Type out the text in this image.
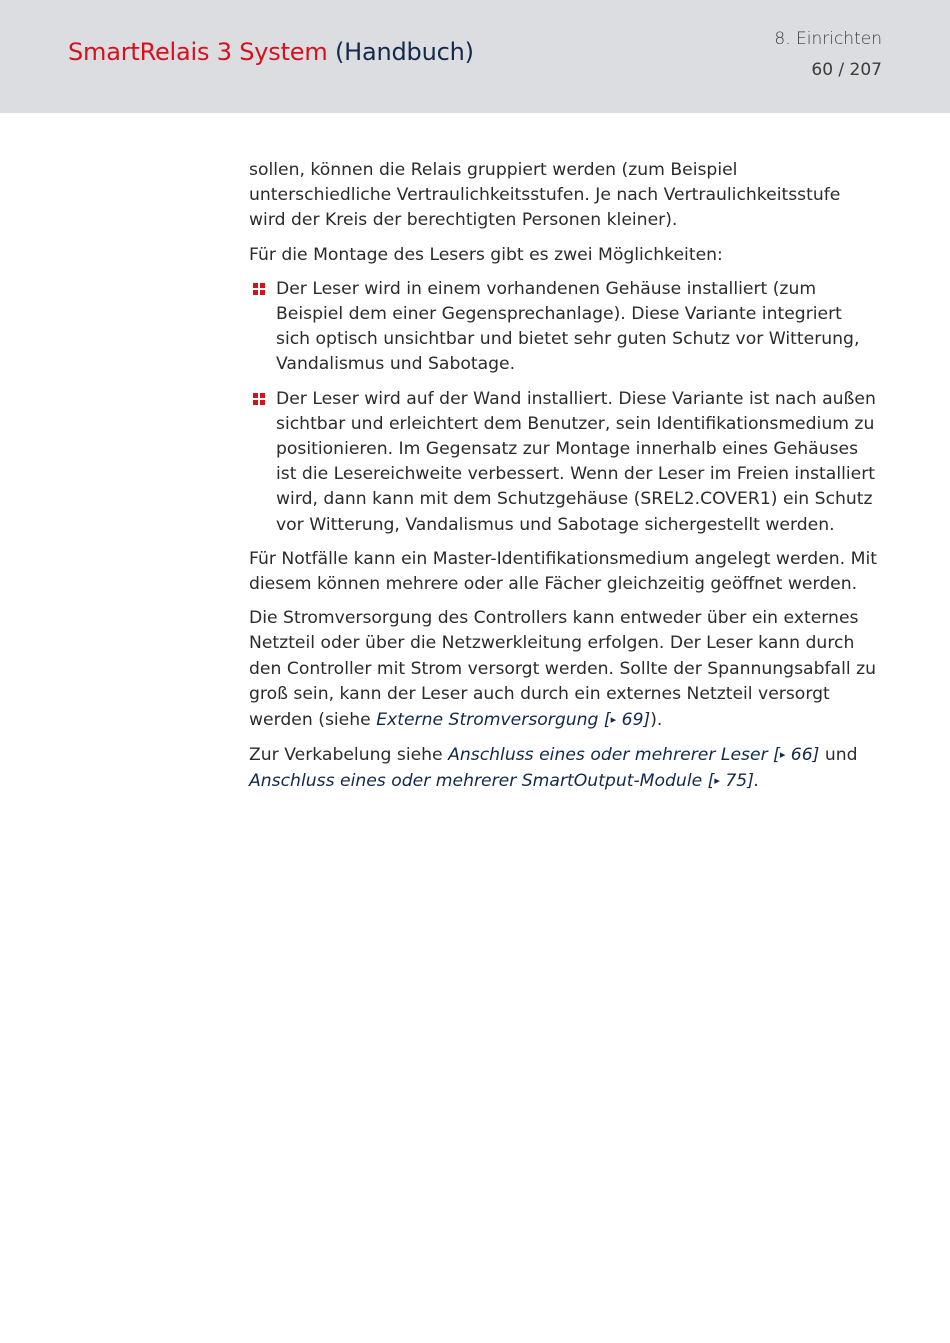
SmartRelais 3 System (Handbuch)	8. Einrichten
60 / 207

sollen, können die Relais gruppiert werden (zum Beispiel unterschiedliche Vertraulichkeitsstufen. Je nach Vertraulichkeitsstufe wird der Kreis der berechtigten Personen kleiner).

Für die Montage des Lesers gibt es zwei Möglichkeiten:

Der Leser wird in einem vorhandenen Gehäuse installiert (zum Beispiel dem einer Gegensprechanlage). Diese Variante integriert sich optisch unsichtbar und bietet sehr guten Schutz vor Witterung, Vandalismus und Sabotage.
Der Leser wird auf der Wand installiert. Diese Variante ist nach außen sichtbar und erleichtert dem Benutzer, sein Identifikationsmedium zu positionieren. Im Gegensatz zur Montage innerhalb eines Gehäuses ist die Lesereichweite verbessert. Wenn der Leser im Freien installiert wird, dann kann mit dem Schutzgehäuse (SREL2.COVER1) ein Schutz vor Witterung, Vandalismus und Sabotage sichergestellt werden.

Für Notfälle kann ein Master-Identifikationsmedium angelegt werden. Mit diesem können mehrere oder alle Fächer gleichzeitig geöffnet werden.

Die Stromversorgung des Controllers kann entweder über ein externes Netzteil oder über die Netzwerkleitung erfolgen. Der Leser kann durch den Controller mit Strom versorgt werden. Sollte der Spannungsabfall zu groß sein, kann der Leser auch durch ein externes Netzteil versorgt werden (siehe Externe Stromversorgung [▸ 69]).

Zur Verkabelung siehe Anschluss eines oder mehrerer Leser [▸ 66] und
Anschluss eines oder mehrerer SmartOutput-Module [▸ 75].
